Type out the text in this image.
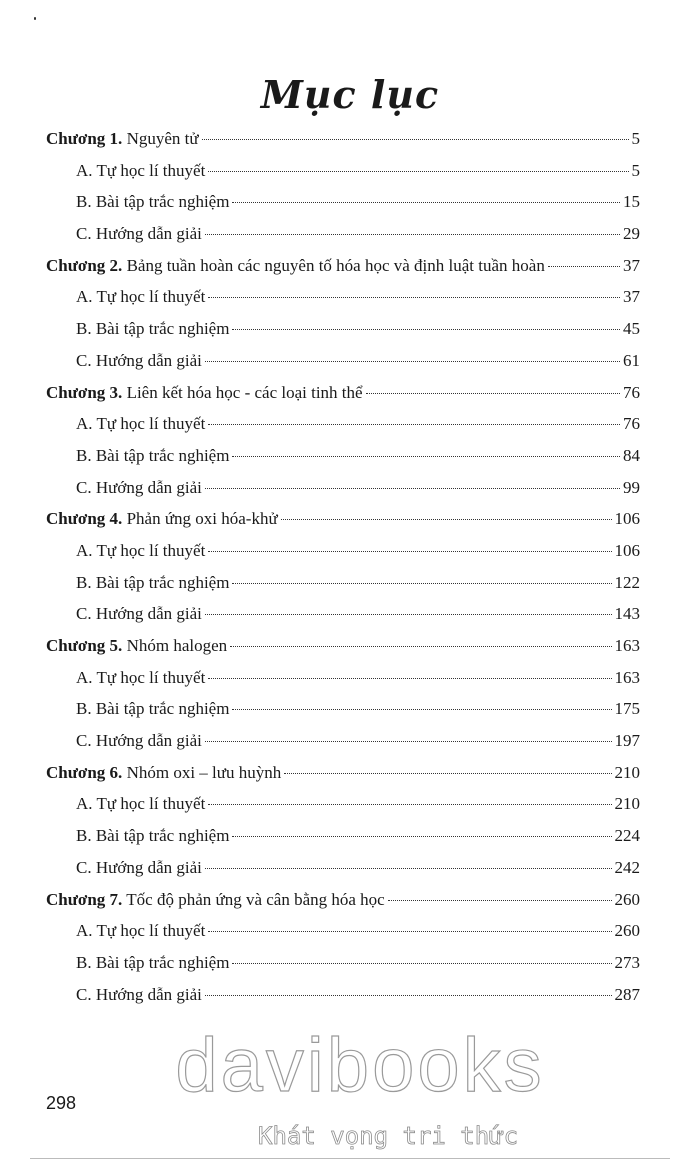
Mục lục
Chương 1. Nguyên tử	5
A. Tự học lí thuyết	5
B. Bài tập trắc nghiệm	15
C. Hướng dẫn giải	29
Chương 2. Bảng tuần hoàn các nguyên tố hóa học và định luật tuần hoàn	37
A. Tự học lí thuyết	37
B. Bài tập trắc nghiệm	45
C. Hướng dẫn giải	61
Chương 3. Liên kết hóa học - các loại tinh thể	76
A. Tự học lí thuyết	76
B. Bài tập trắc nghiệm	84
C. Hướng dẫn giải	99
Chương 4. Phản ứng oxi hóa-khử	106
A. Tự học lí thuyết	106
B. Bài tập trắc nghiệm	122
C. Hướng dẫn giải	143
Chương 5. Nhóm halogen	163
A. Tự học lí thuyết	163
B. Bài tập trắc nghiệm	175
C. Hướng dẫn giải	197
Chương 6. Nhóm oxi – lưu huỳnh	210
A. Tự học lí thuyết	210
B. Bài tập trắc nghiệm	224
C. Hướng dẫn giải	242
Chương 7. Tốc độ phản ứng và cân bằng hóa học	260
A. Tự học lí thuyết	260
B. Bài tập trắc nghiệm	273
C. Hướng dẫn giải	287
298	davibooks
Khát vọng tri thức
